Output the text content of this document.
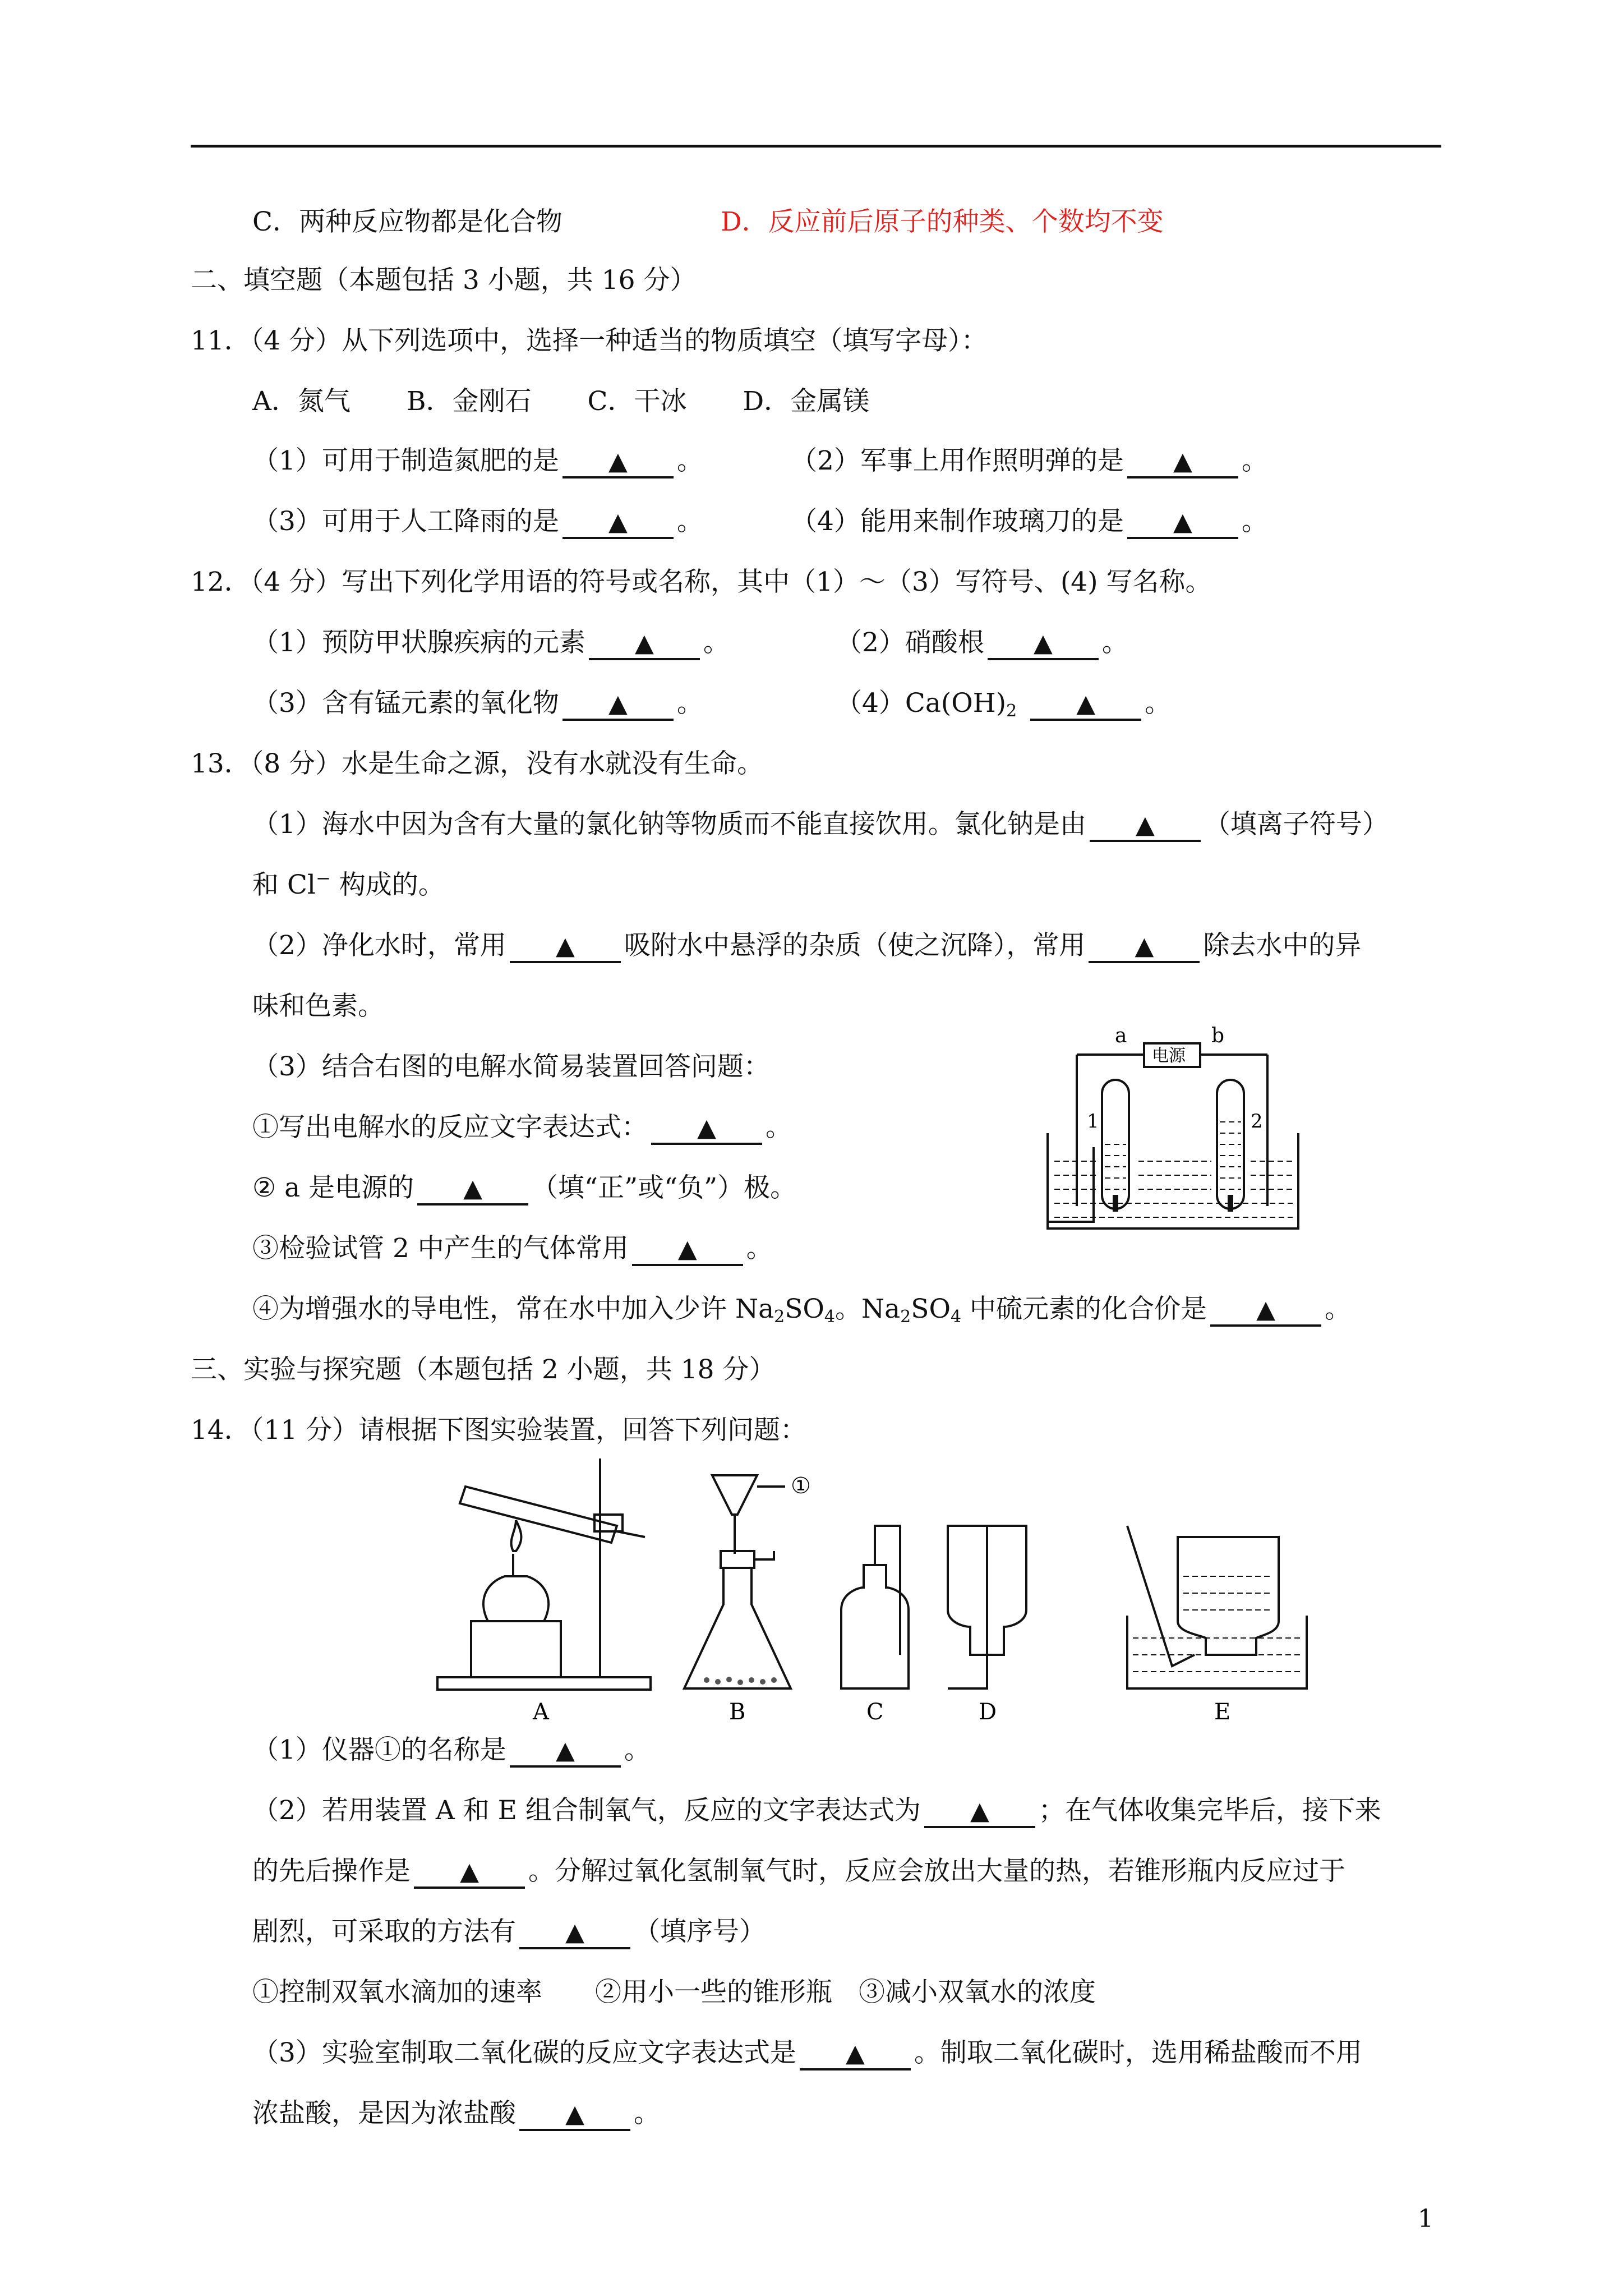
C．两种反应物都是化合物	D．反应前后原子的种类、个数均不变
二、填空题（本题包括 3 小题，共 16 分）
11．（4 分）从下列选项中，选择一种适当的物质填空（填写字母）：
A．氮气 B．金刚石 C．干冰 D．金属镁
（1）可用于制造氮肥的是 ▲ 。	（2）军事上用作照明弹的是 ▲ 。
（3）可用于人工降雨的是 ▲ 。	（4）能用来制作玻璃刀的是 ▲ 。
12．（4 分）写出下列化学用语的符号或名称，其中（1）～（3）写符号、(4) 写名称。
（1）预防甲状腺疾病的元素 ▲ 。	（2）硝酸根 ▲ 。
（3）含有锰元素的氧化物 ▲ 。	$(4)Ca(OH)_2$ ▲ 。
13．（8 分）水是生命之源，没有水就没有生命。
（1）海水中因为含有大量的氯化钠等物质而不能直接饮用。氯化钠是由 ▲ （填离子符号）
和 Cl− 构成的。
（2）净化水时，常用 ▲ 吸附水中悬浮的杂质（使之沉降），常用 ▲ 除去水中的异
味和色素。
（3）结合右图的电解水简易装置回答问题：
①写出电解水的反应文字表达式： ▲ 。
② a 是电源的 ▲ （填“正”或“负”）极。
③检验试管 2 中产生的气体常用 ▲ 。
④为增强水的导电性，常在水中加入少许 $Na_2SO_4$。$Na_2SO_4$ 中硫元素的化合价是 ▲ 。
a	b
电源
1	2
三、实验与探究题（本题包括 2 小题，共 18 分）
14．（11 分）请根据下图实验装置，回答下列问题：
A	B	C	D	E
①
（1）仪器①的名称是 ▲ 。
（2）若用装置 A 和 E 组合制氧气，反应的文字表达式为 ▲ ；在气体收集完毕后，接下来
的先后操作是 ▲ 。分解过氧化氢制氧气时，反应会放出大量的热，若锥形瓶内反应过于
剧烈，可采取的方法有 ▲ （填序号）
①控制双氧水滴加的速率　　②用小一些的锥形瓶　③减小双氧水的浓度
（3）实验室制取二氧化碳的反应文字表达式是 ▲ 。制取二氧化碳时，选用稀盐酸而不用
浓盐酸，是因为浓盐酸 ▲ 。
1
